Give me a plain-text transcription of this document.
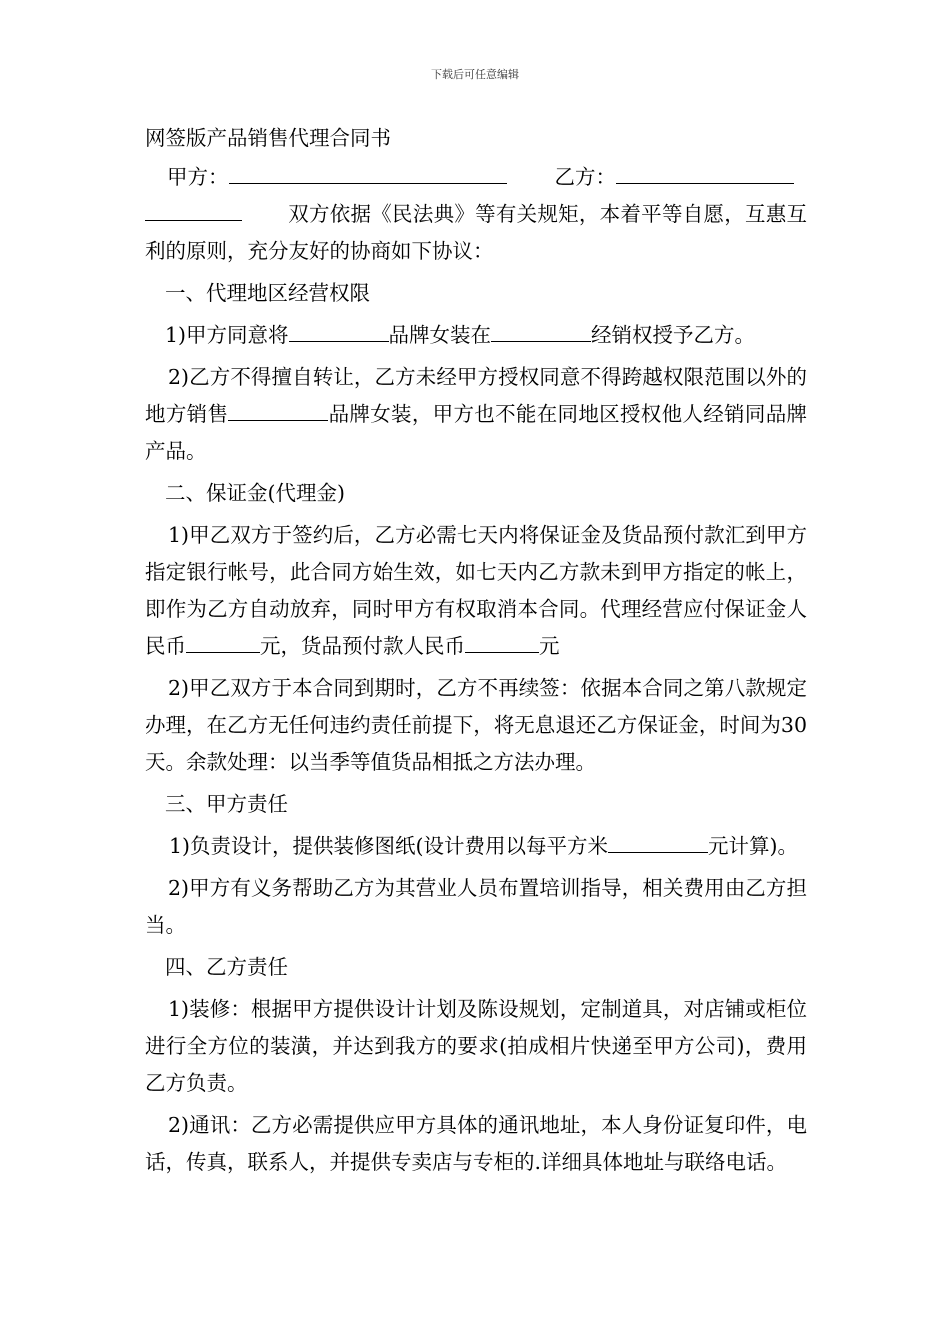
下载后可任意编辑
网签版产品销售代理合同书
甲方：	乙方：
双方依据《民法典》等有关规矩，本着平等自愿，互惠互利的原则，充分友好的协商如下协议：
一、代理地区经营权限
1)甲方同意将	品牌女装在	经销权授予乙方。
2)乙方不得擅自转让，乙方未经甲方授权同意不得跨越权限范围以外的地方销售	品牌女装，甲方也不能在同地区授权他人经销同品牌产品。
二、保证金(代理金)
1)甲乙双方于签约后，乙方必需七天内将保证金及货品预付款汇到甲方指定银行帐号，此合同方始生效，如七天内乙方款未到甲方指定的帐上，即作为乙方自动放弃，同时甲方有权取消本合同。代理经营应付保证金人民币	元，货品预付款人民币	元
2)甲乙双方于本合同到期时，乙方不再续签：依据本合同之第八款规定办理，在乙方无任何违约责任前提下，将无息退还乙方保证金，时间为30天。余款处理：以当季等值货品相抵之方法办理。
三、甲方责任
1)负责设计，提供装修图纸(设计费用以每平方米	元计算)。
2)甲方有义务帮助乙方为其营业人员布置培训指导，相关费用由乙方担当。
四、乙方责任
1)装修：根据甲方提供设计计划及陈设规划，定制道具，对店铺或柜位进行全方位的装潢，并达到我方的要求(拍成相片快递至甲方公司)，费用乙方负责。
2)通讯：乙方必需提供应甲方具体的通讯地址，本人身份证复印件，电话，传真，联系人，并提供专卖店与专柜的.详细具体地址与联络电话。
